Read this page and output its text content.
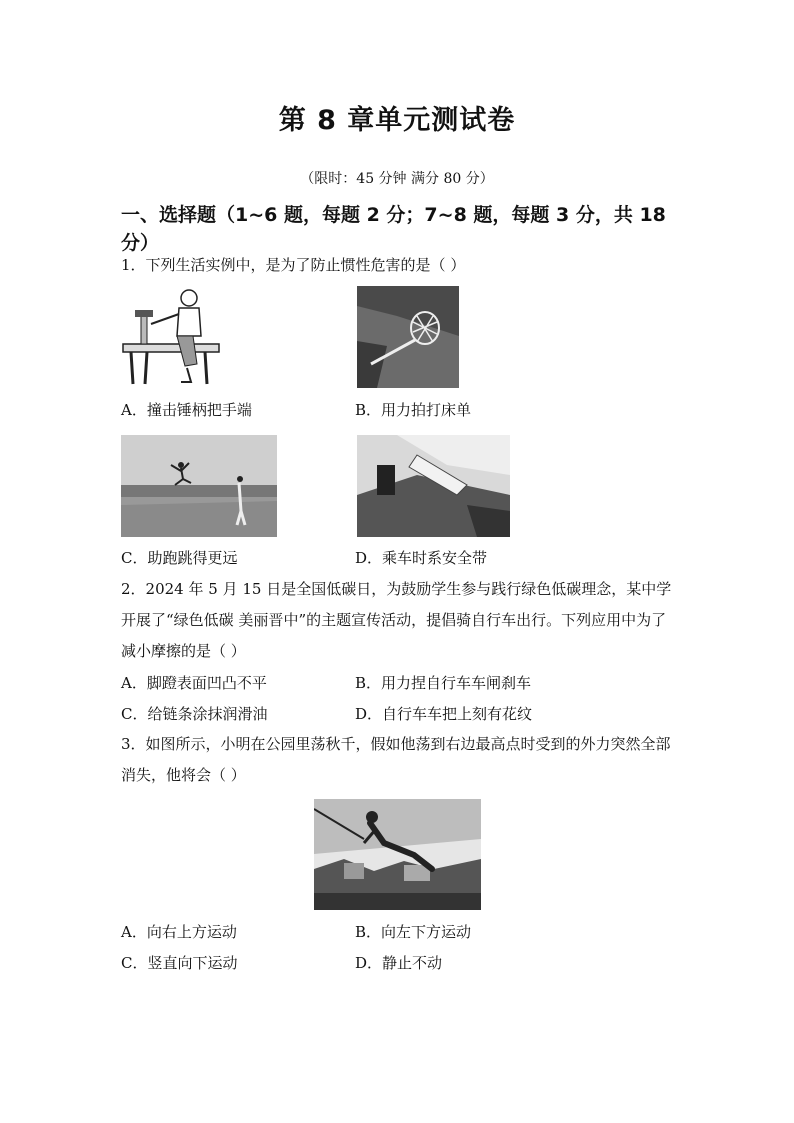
第 8 章单元测试卷
（限时：45 分钟 满分 80 分）
一、选择题（1~6 题，每题 2 分；7~8 题，每题 3 分，共 18 分）
1．下列生活实例中，是为了防止惯性危害的是（ ）
A．撞击锤柄把手端	B．用力拍打床单
C．助跑跳得更远	D．乘车时系安全带
2．2024 年 5 月 15 日是全国低碳日，为鼓励学生参与践行绿色低碳理念，某中学开展了“绿色低碳 美丽晋中”的主题宣传活动，提倡骑自行车出行。下列应用中为了减小摩擦的是（ ）
A．脚蹬表面凹凸不平	B．用力捏自行车车闸刹车
C．给链条涂抹润滑油	D．自行车车把上刻有花纹
3．如图所示，小明在公园里荡秋千，假如他荡到右边最高点时受到的外力突然全部消失，他将会（ ）
A．向右上方运动	B．向左下方运动
C．竖直向下运动	D．静止不动
